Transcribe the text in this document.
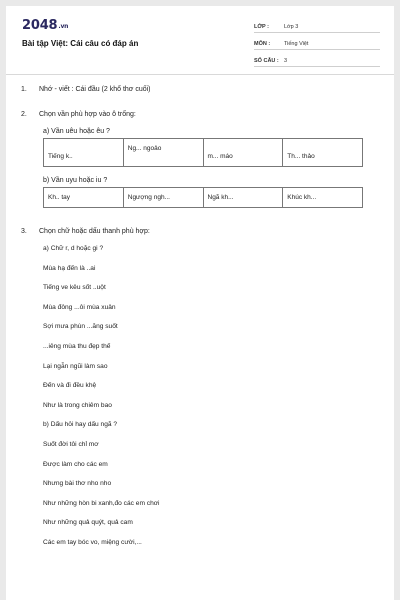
2048.vn
Bài tập Việt: Cái câu có đáp án
LỚP :	Lớp 3
MÔN :	Tiếng Việt
SỐ CÂU : 3
1.	Nhớ - viết : Cái đầu (2 khổ thơ cuối)
2.	Chọn vần phù hợp vào ô trống:
a) Vần uêu hoặc êu ?
Tiếng k..	Ng... ngoảo	m... máo	Th... thảo
b) Vần uyu hoặc iu ?
Kh.. tay	Ngượng ngh...	Ngã kh...	Khúc kh...
3.	Chọn chữ hoặc dấu thanh phù hợp:
a) Chữ r, d hoặc gi ?
Mùa hạ đến là ..ai
Tiếng ve kêu sốt ..uột
Mùa đông ...ôi mùa xuân
Sợi mưa phùn ...ăng suốt
...iêng mùa thu đẹp thế
Lại ngẫn ngũi làm sao
Đến và đi đều khệ
Như là trong chiêm bao
b) Dấu hỏi hay dấu ngã ?
Suốt đời tôi chỉ mơ
Được làm cho các em
Nhưng bài thơ nho nho
Như những hòn bi xanh,đo các em chơi
Như những quả quýt, quả cam
Các em tay bóc vo, miệng cười,...
